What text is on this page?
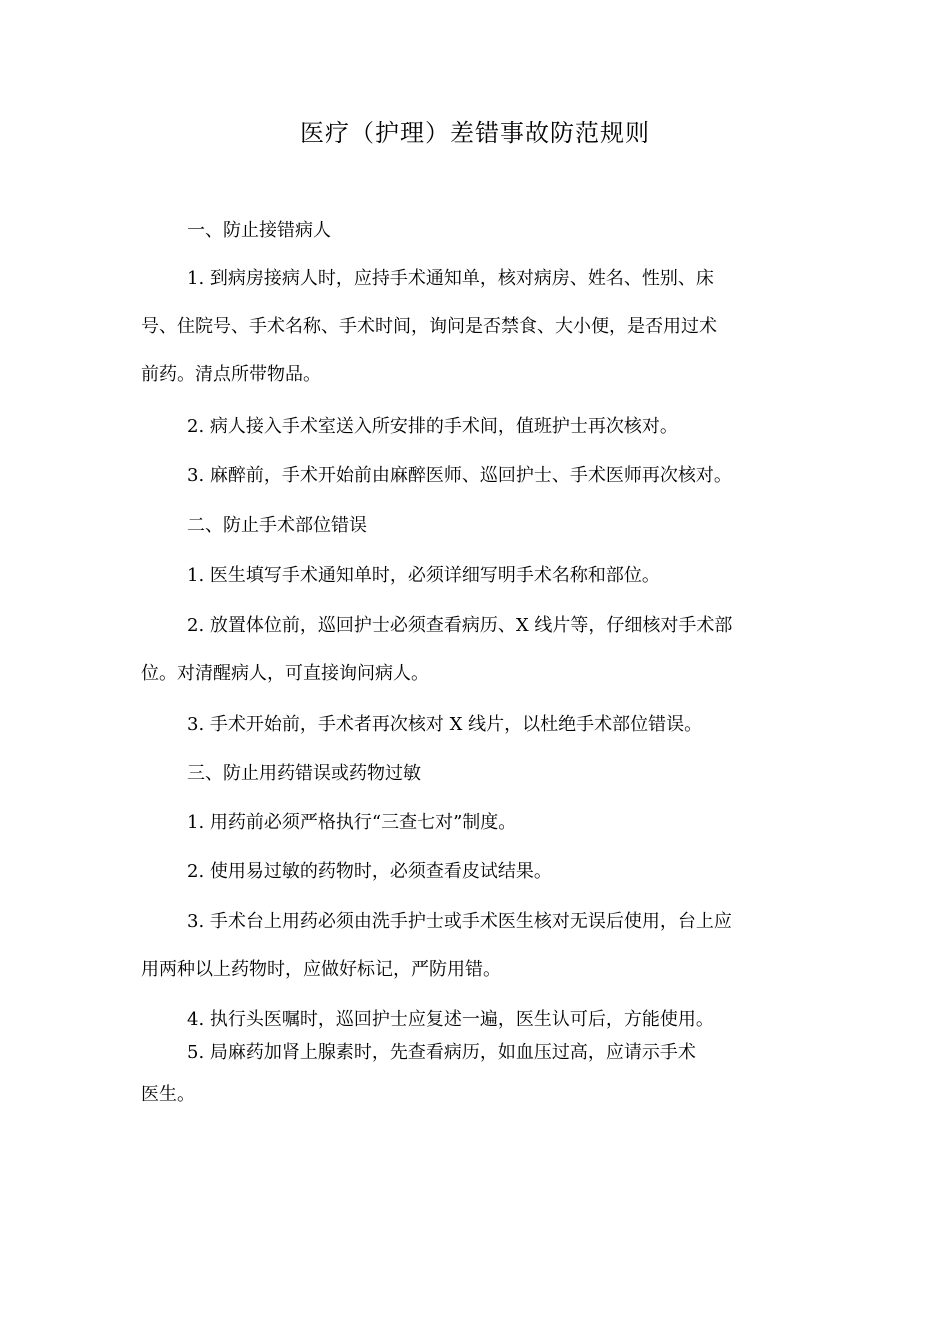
医疗（护理）差错事故防范规则

一、防止接错病人

1. 到病房接病人时，应持手术通知单，核对病房、姓名、性别、床
号、住院号、手术名称、手术时间，询问是否禁食、大小便，是否用过术
前药。清点所带物品。

2. 病人接入手术室送入所安排的手术间，值班护士再次核对。

3. 麻醉前，手术开始前由麻醉医师、巡回护士、手术医师再次核对。

二、防止手术部位错误

1. 医生填写手术通知单时，必须详细写明手术名称和部位。

2. 放置体位前，巡回护士必须查看病历、X 线片等，仔细核对手术部
位。对清醒病人，可直接询问病人。

3. 手术开始前，手术者再次核对 X 线片，以杜绝手术部位错误。

三、防止用药错误或药物过敏

1. 用药前必须严格执行“三查七对”制度。

2. 使用易过敏的药物时，必须查看皮试结果。

3. 手术台上用药必须由洗手护士或手术医生核对无误后使用，台上应
用两种以上药物时，应做好标记，严防用错。

4. 执行头医嘱时，巡回护士应复述一遍，医生认可后，方能使用。

5. 局麻药加肾上腺素时，先查看病历，如血压过高，应请示手术
医生。
